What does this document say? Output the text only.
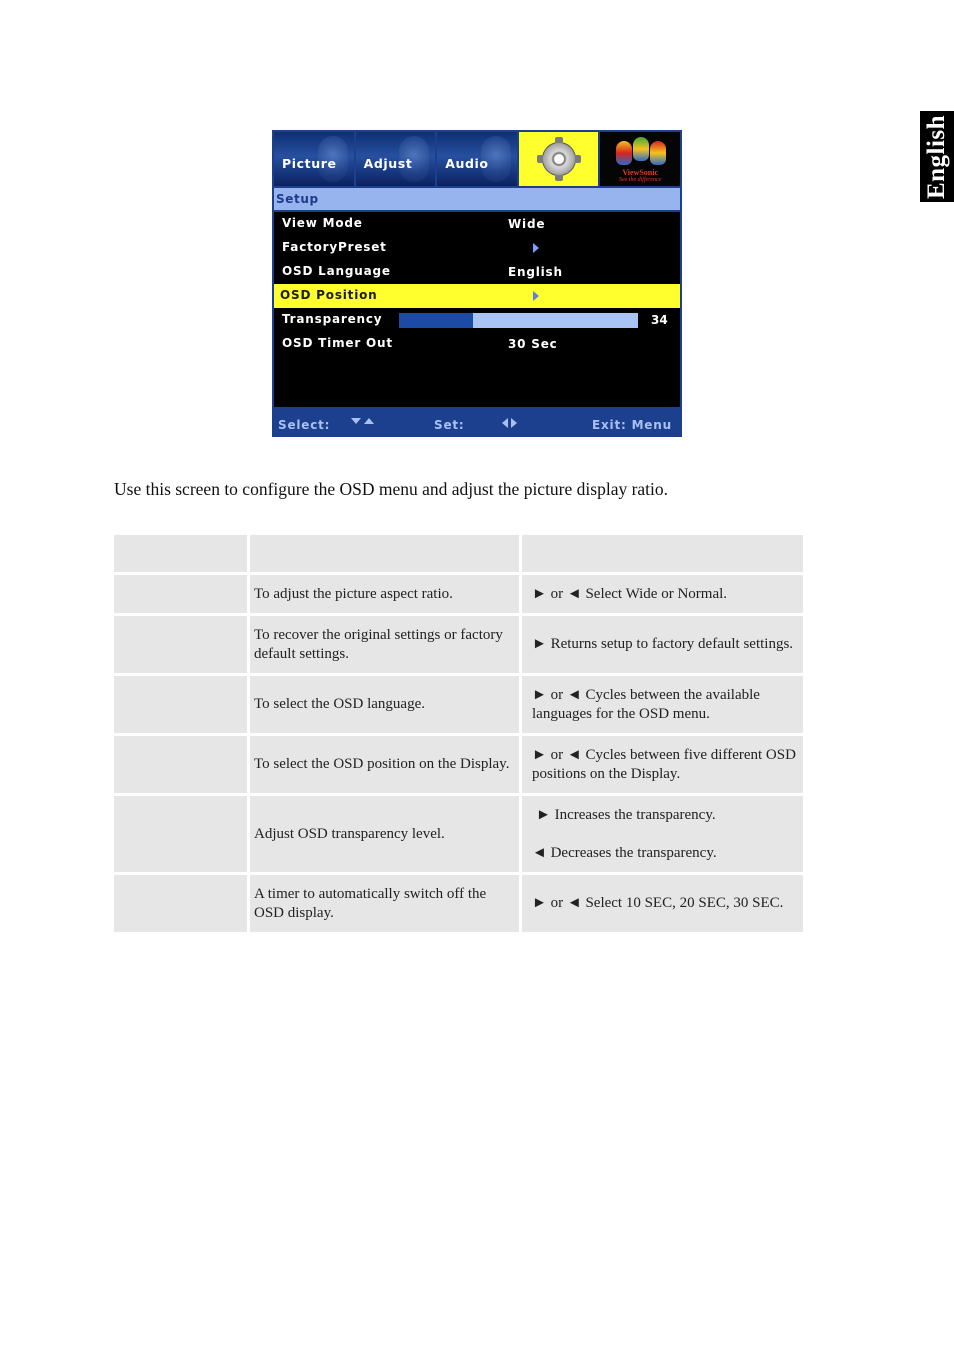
English
Picture Adjust	Audio
ViewSonic
See the difference
Setup
View Mode	Wide
FactoryPreset
OSD Language	English
OSD Position
Transparency	34
OSD Timer Out	30 Sec
Select:	Set:	Exit: Menu
Use this screen to configure the OSD menu and adjust the picture display ratio.

	To adjust the picture aspect ratio.	► or ◄ Select Wide or Normal.
	To recover the original settings or factory default settings.	► Returns setup to factory default settings.
	To select the OSD language.	► or ◄ Cycles between the available languages for the OSD menu.
	To select the OSD position on the Display.	► or ◄ Cycles between five different OSD positions on the Display.
	Adjust OSD transparency level.	► Increases the transparency.
◄ Decreases the transparency.

	A timer to automatically switch off the OSD display.	► or ◄ Select 10 SEC, 20 SEC, 30 SEC.
